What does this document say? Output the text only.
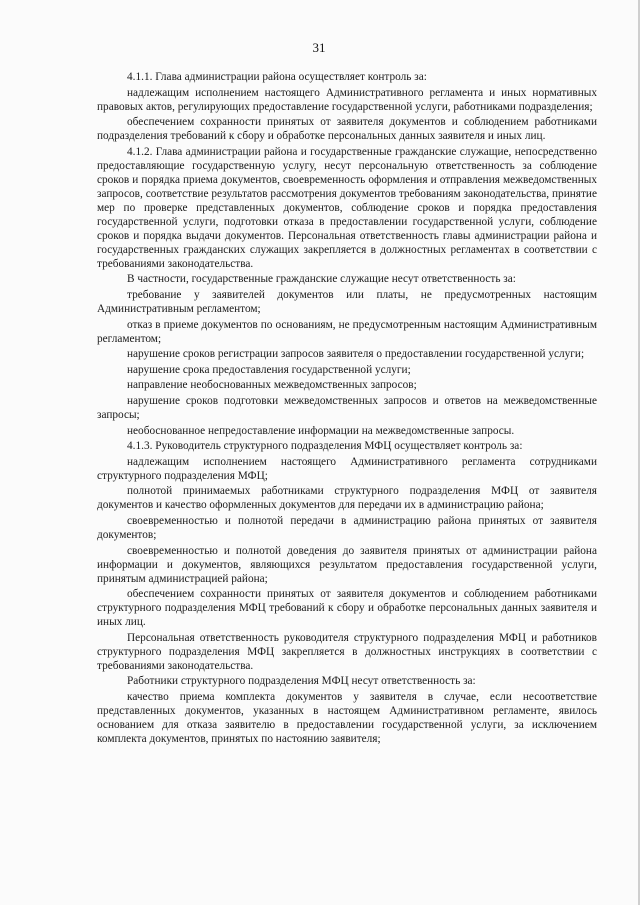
31

4.1.1. Глава администрации района осуществляет контроль за:

надлежащим исполнением настоящего Административного регламента и иных нормативных правовых актов, регулирующих предоставление государственной услуги, работниками подразделения;

обеспечением сохранности принятых от заявителя документов и соблюдением работниками подразделения требований к сбору и обработке персональных данных заявителя и иных лиц.

4.1.2. Глава администрации района и государственные гражданские служащие, непосредственно предоставляющие государственную услугу, несут персональную ответственность за соблюдение сроков и порядка приема документов, своевременность оформления и отправления межведомственных запросов, соответствие результатов рассмотрения документов требованиям законодательства, принятие мер по проверке представленных документов, соблюдение сроков и порядка предоставления государственной услуги, подготовки отказа в предоставлении государственной услуги, соблюдение сроков и порядка выдачи документов. Персональная ответственность главы администрации района и государственных гражданских служащих закрепляется в должностных регламентах в соответствии с требованиями законодательства.

В частности, государственные гражданские служащие несут ответственность за:

требование у заявителей документов или платы, не предусмотренных настоящим Административным регламентом;

отказ в приеме документов по основаниям, не предусмотренным настоящим Административным регламентом;

нарушение сроков регистрации запросов заявителя о предоставлении государственной услуги;

нарушение срока предоставления государственной услуги;

направление необоснованных межведомственных запросов;

нарушение сроков подготовки межведомственных запросов и ответов на межведомственные запросы;

необоснованное непредоставление информации на межведомственные запросы.

4.1.3. Руководитель структурного подразделения МФЦ осуществляет контроль за:

надлежащим исполнением настоящего Административного регламента сотрудниками структурного подразделения МФЦ;

полнотой принимаемых работниками структурного подразделения МФЦ от заявителя документов и качество оформленных документов для передачи их в администрацию района;

своевременностью и полнотой передачи в администрацию района принятых от заявителя документов;

своевременностью и полнотой доведения до заявителя принятых от администрации района информации и документов, являющихся результатом предоставления государственной услуги, принятым администрацией района;

обеспечением сохранности принятых от заявителя документов и соблюдением работниками структурного подразделения МФЦ требований к сбору и обработке персональных данных заявителя и иных лиц.

Персональная ответственность руководителя структурного подразделения МФЦ и работников структурного подразделения МФЦ закрепляется в должностных инструкциях в соответствии с требованиями законодательства.

Работники структурного подразделения МФЦ несут ответственность за:

качество приема комплекта документов у заявителя в случае, если несоответствие представленных документов, указанных в настоящем Административном регламенте, явилось основанием для отказа заявителю в предоставлении государственной услуги, за исключением комплекта документов, принятых по настоянию заявителя;
